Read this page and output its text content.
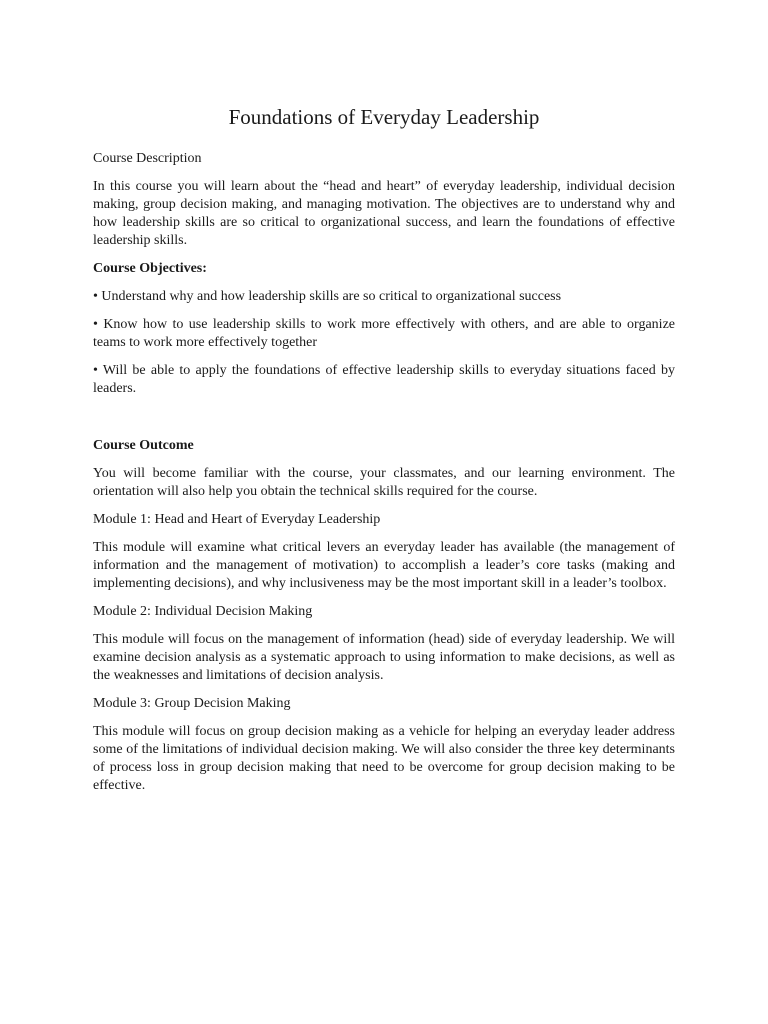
Foundations of Everyday Leadership

Course Description

In this course you will learn about the “head and heart” of everyday leadership, individual decision making, group decision making, and managing motivation. The objectives are to understand why and how leadership skills are so critical to organizational success, and learn the foundations of effective leadership skills.

Course Objectives:

• Understand why and how leadership skills are so critical to organizational success

• Know how to use leadership skills to work more effectively with others, and are able to organize teams to work more effectively together

• Will be able to apply the foundations of effective leadership skills to everyday situations faced by leaders.

Course Outcome

You will become familiar with the course, your classmates, and our learning environment. The orientation will also help you obtain the technical skills required for the course.

Module 1: Head and Heart of Everyday Leadership

This module will examine what critical levers an everyday leader has available (the management of information and the management of motivation) to accomplish a leader’s core tasks (making and implementing decisions), and why inclusiveness may be the most important skill in a leader’s toolbox.

Module 2: Individual Decision Making

This module will focus on the management of information (head) side of everyday leadership. We will examine decision analysis as a systematic approach to using information to make decisions, as well as the weaknesses and limitations of decision analysis.

Module 3: Group Decision Making

This module will focus on group decision making as a vehicle for helping an everyday leader address some of the limitations of individual decision making. We will also consider the three key determinants of process loss in group decision making that need to be overcome for group decision making to be effective.
